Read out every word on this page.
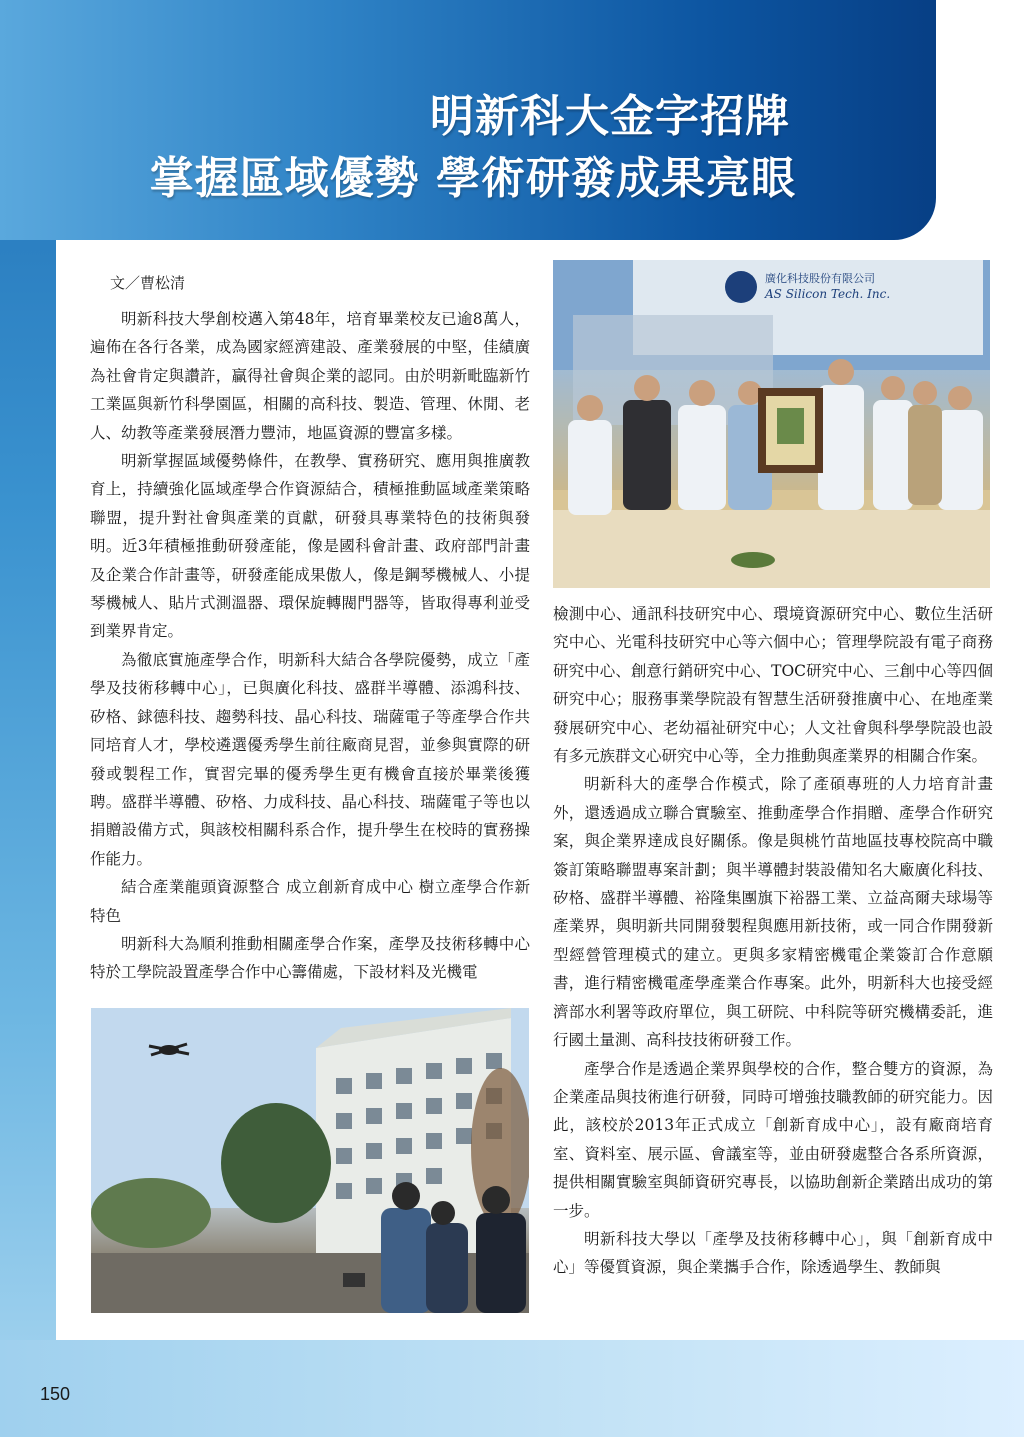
明新科大金字招牌
掌握區域優勢 學術研發成果亮眼
文／曹松清

明新科技大學創校邁入第48年，培育畢業校友已逾8萬人，遍佈在各行各業，成為國家經濟建設、產業發展的中堅，佳績廣為社會肯定與讚許，贏得社會與企業的認同。由於明新毗臨新竹工業區與新竹科學園區，相關的高科技、製造、管理、休閒、老人、幼教等產業發展潛力豐沛，地區資源的豐富多樣。

明新掌握區域優勢條件，在教學、實務研究、應用與推廣教育上，持續強化區域產學合作資源結合，積極推動區域產業策略聯盟，提升對社會與產業的貢獻，研發具專業特色的技術與發明。近3年積極推動研發產能，像是國科會計畫、政府部門計畫及企業合作計畫等，研發產能成果傲人，像是鋼琴機械人、小提琴機械人、貼片式測溫器、環保旋轉閥門器等，皆取得專利並受到業界肯定。

為徹底實施產學合作，明新科大結合各學院優勢，成立「產學及技術移轉中心」，已與廣化科技、盛群半導體、添鴻科技、矽格、銶德科技、趨勢科技、晶心科技、瑞薩電子等產學合作共同培育人才，學校遴選優秀學生前往廠商見習，並參與實際的研發或製程工作，實習完畢的優秀學生更有機會直接於畢業後獲聘。盛群半導體、矽格、力成科技、晶心科技、瑞薩電子等也以捐贈設備方式，與該校相關科系合作，提升學生在校時的實務操作能力。

結合產業龍頭資源整合 成立創新育成中心 樹立產學合作新特色

明新科大為順利推動相關產學合作案，產學及技術移轉中心特於工學院設置產學合作中心籌備處，下設材料及光機電

廣化科技股份有限公司
AS Silicon Tech. Inc.

檢測中心、通訊科技研究中心、環境資源研究中心、數位生活研究中心、光電科技研究中心等六個中心；管理學院設有電子商務研究中心、創意行銷研究中心、TOC研究中心、三創中心等四個研究中心；服務事業學院設有智慧生活研發推廣中心、在地產業發展研究中心、老幼福祉研究中心；人文社會與科學學院設也設有多元族群文心研究中心等，全力推動與產業界的相關合作案。

明新科大的產學合作模式，除了產碩專班的人力培育計畫外，還透過成立聯合實驗室、推動產學合作捐贈、產學合作研究案，與企業界達成良好關係。像是與桃竹苗地區技專校院高中職簽訂策略聯盟專案計劃；與半導體封裝設備知名大廠廣化科技、矽格、盛群半導體、裕隆集團旗下裕器工業、立益高爾夫球場等產業界，與明新共同開發製程與應用新技術，或一同合作開發新型經營管理模式的建立。更與多家精密機電企業簽訂合作意願書，進行精密機電產學產業合作專案。此外，明新科大也接受經濟部水利署等政府單位，與工研院、中科院等研究機構委託，進行國土量測、高科技技術研發工作。

產學合作是透過企業界與學校的合作，整合雙方的資源，為企業產品與技術進行研發，同時可增強技職教師的研究能力。因此，該校於2013年正式成立「創新育成中心」，設有廠商培育室、資料室、展示區、會議室等，並由研發處整合各系所資源，提供相關實驗室與師資研究專長，以協助創新企業踏出成功的第一步。

明新科技大學以「產學及技術移轉中心」，與「創新育成中心」等優質資源，與企業攜手合作，除透過學生、教師與

150
